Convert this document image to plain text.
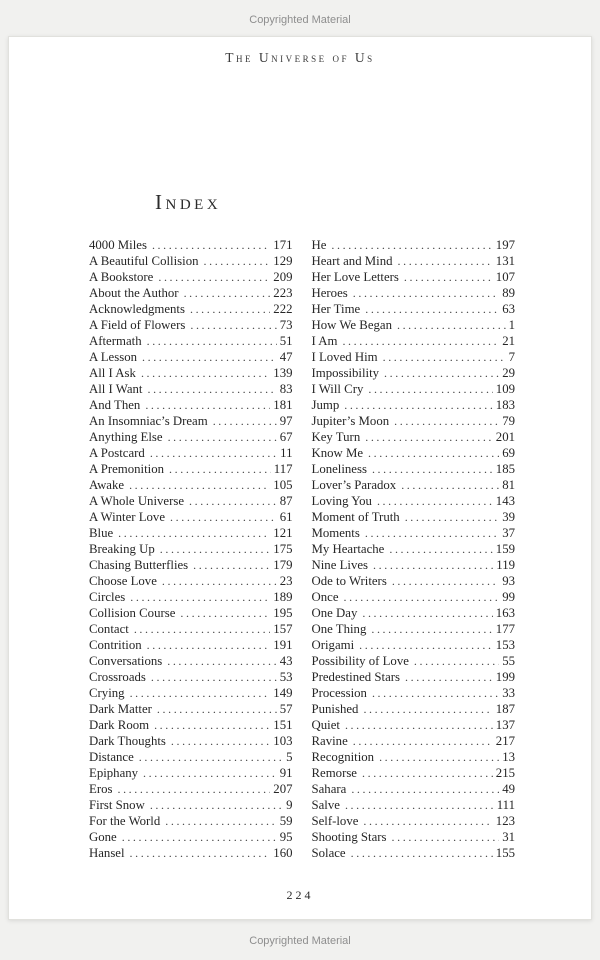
Copyrighted Material
The Universe of Us
Index
4000 Miles .....	171
A Beautiful Collision .....	129
A Bookstore .....	209
About the Author .....	223
Acknowledgments .....	222
A Field of Flowers .....	73
Aftermath .....	51
A Lesson .....	47
All I Ask .....	139
All I Want .....	83
And Then .....	181
An Insomniac’s Dream .....	97
Anything Else .....	67
A Postcard .....	11
A Premonition .....	117
Awake .....	105
A Whole Universe .....	87
A Winter Love .....	61
Blue .....	121
Breaking Up .....	175
Chasing Butterflies .....	179
Choose Love .....	23
Circles .....	189
Collision Course .....	195
Contact .....	157
Contrition .....	191
Conversations .....	43
Crossroads .....	53
Crying .....	149
Dark Matter .....	57
Dark Room .....	151
Dark Thoughts .....	103
Distance .....	5
Epiphany .....	91
Eros .....	207
First Snow .....	9
For the World .....	59
Gone .....	95
Hansel .....	160
He .....	197
Heart and Mind .....	131
Her Love Letters .....	107
Heroes .....	89
Her Time .....	63
How We Began .....	1
I Am .....	21
I Loved Him .....	7
Impossibility .....	29
I Will Cry .....	109
Jump .....	183
Jupiter’s Moon .....	79
Key Turn .....	201
Know Me .....	69
Loneliness .....	185
Lover’s Paradox .....	81
Loving You .....	143
Moment of Truth .....	39
Moments .....	37
My Heartache .....	159
Nine Lives .....	119
Ode to Writers .....	93
Once .....	99
One Day .....	163
One Thing .....	177
Origami .....	153
Possibility of Love .....	55
Predestined Stars .....	199
Procession .....	33
Punished .....	187
Quiet .....	137
Ravine .....	217
Recognition .....	13
Remorse .....	215
Sahara .....	49
Salve .....	111
Self-love .....	123
Shooting Stars .....	31
Solace .....	155
224
Copyrighted Material
